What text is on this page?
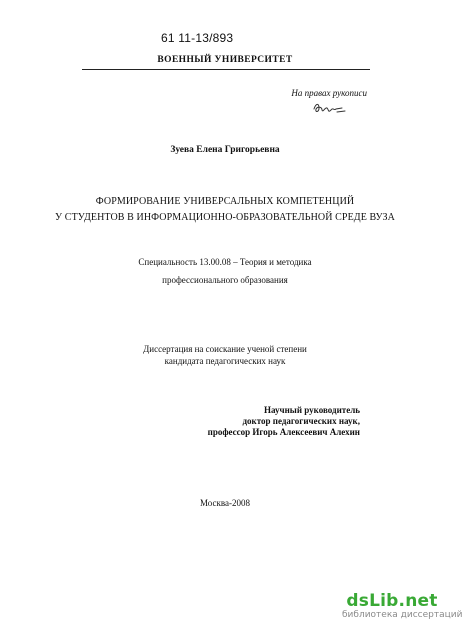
61 11-13/893
ВОЕННЫЙ УНИВЕРСИТЕТ
На правах рукописи
Зуева Елена Григорьевна
ФОРМИРОВАНИЕ УНИВЕРСАЛЬНЫХ КОМПЕТЕНЦИЙ
У СТУДЕНТОВ В ИНФОРМАЦИОННО-ОБРАЗОВАТЕЛЬНОЙ СРЕДЕ ВУЗА
Специальность 13.00.08 – Теория и методика
профессионального образования
Диссертация на соискание ученой степени
кандидата педагогических наук
Научный руководитель
доктор педагогических наук,
профессор Игорь Алексеевич Алехин
Москва-2008
dsLib.net
библиотека диссертаций
